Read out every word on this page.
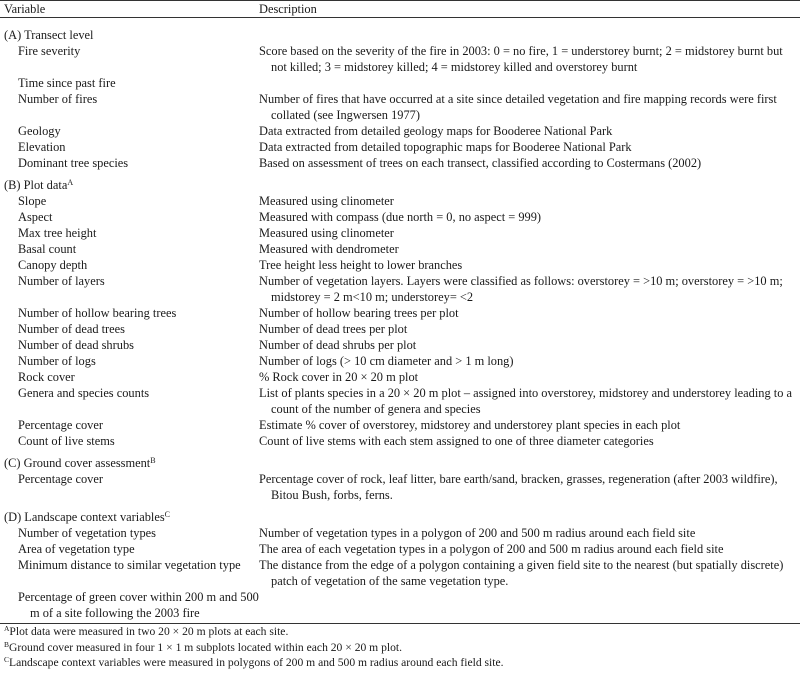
Variable	Description
(A) Transect level	

Fire severity	Score based on the severity of the fire in 2003: 0 = no fire, 1 = understorey burnt; 2 = midstorey burnt but not killed; 3 = midstorey killed; 4 = midstorey killed and overstorey burnt

Time since past fire	

Number of fires	Number of fires that have occurred at a site since detailed vegetation and fire mapping records were first collated (see Ingwersen 1977)

Geology	Data extracted from detailed geology maps for Booderee National Park

Elevation	Data extracted from detailed topographic maps for Booderee National Park

Dominant tree species	Based on assessment of trees on each transect, classified according to Costermans (2002)

(B) Plot data$^A$	

Slope	Measured using clinometer

Aspect	Measured with compass (due north = 0, no aspect = 999)

Max tree height	Measured using clinometer

Basal count	Measured with dendrometer

Canopy depth	Tree height less height to lower branches

Number of layers	Number of vegetation layers. Layers were classified as follows: overstorey = >10 m; overstorey = >10 m; midstorey = 2 m<10 m; understorey= <2

Number of hollow bearing trees	Number of hollow bearing trees per plot

Number of dead trees	Number of dead trees per plot

Number of dead shrubs	Number of dead shrubs per plot

Number of logs	Number of logs (> 10 cm diameter and > 1 m long)

Rock cover	% Rock cover in 20 × 20 m plot

Genera and species counts	List of plants species in a 20 × 20 m plot – assigned into overstorey, midstorey and understorey leading to a count of the number of genera and species

Percentage cover	Estimate % cover of overstorey, midstorey and understorey plant species in each plot

Count of live stems	Count of live stems with each stem assigned to one of three diameter categories

(C) Ground cover assessment$^B$	

Percentage cover	Percentage cover of rock, leaf litter, bare earth/sand, bracken, grasses, regeneration (after 2003 wildfire), Bitou Bush, forbs, ferns.

(D) Landscape context variables$^C$	

Number of vegetation types	Number of vegetation types in a polygon of 200 and 500 m radius around each field site

Area of vegetation type	The area of each vegetation types in a polygon of 200 and 500 m radius around each field site

Minimum distance to similar vegetation type	The distance from the edge of a polygon containing a given field site to the nearest (but spatially discrete) patch of vegetation of the same vegetation type.

Percentage of green cover within 200 m and 500 m of a site following the 2003 fire	

$^A$Plot data were measured in two 20 × 20 m plots at each site.

$^B$Ground cover measured in four 1 × 1 m subplots located within each 20 × 20 m plot.

$^C$Landscape context variables were measured in polygons of 200 m and 500 m radius around each field site.
